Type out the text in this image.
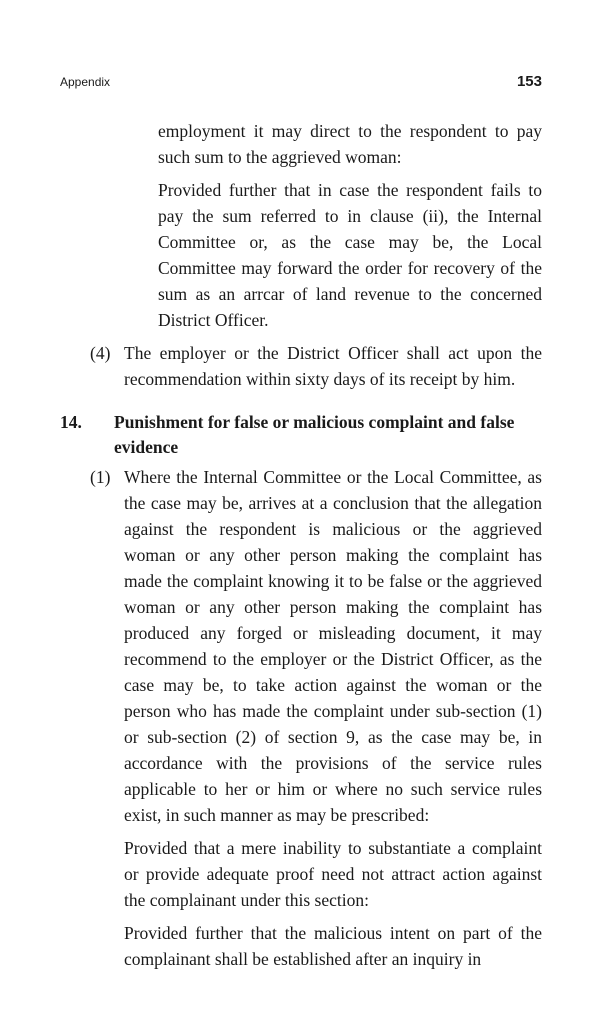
Appendix	153

employment it may direct to the respondent to pay such sum to the aggrieved woman:

Provided further that in case the respondent fails to pay the sum referred to in clause (ii), the Internal Committee or, as the case may be, the Local Committee may forward the order for recovery of the sum as an arrcar of land revenue to the concerned District Officer.

(4) The employer or the District Officer shall act upon the recommendation within sixty days of its receipt by him.

14. Punishment for false or malicious complaint and false evidence
(1) Where the Internal Committee or the Local Committee, as the case may be, arrives at a conclusion that the allegation against the respondent is malicious or the aggrieved woman or any other person making the complaint has made the complaint knowing it to be false or the aggrieved woman or any other person making the complaint has produced any forged or misleading document, it may recommend to the employer or the District Officer, as the case may be, to take action against the woman or the person who has made the complaint under sub-section (1) or sub-section (2) of section 9, as the case may be, in accordance with the provisions of the service rules applicable to her or him or where no such service rules exist, in such manner as may be prescribed:

Provided that a mere inability to substantiate a complaint or provide adequate proof need not attract action against the complainant under this section:

Provided further that the malicious intent on part of the complainant shall be established after an inquiry in
